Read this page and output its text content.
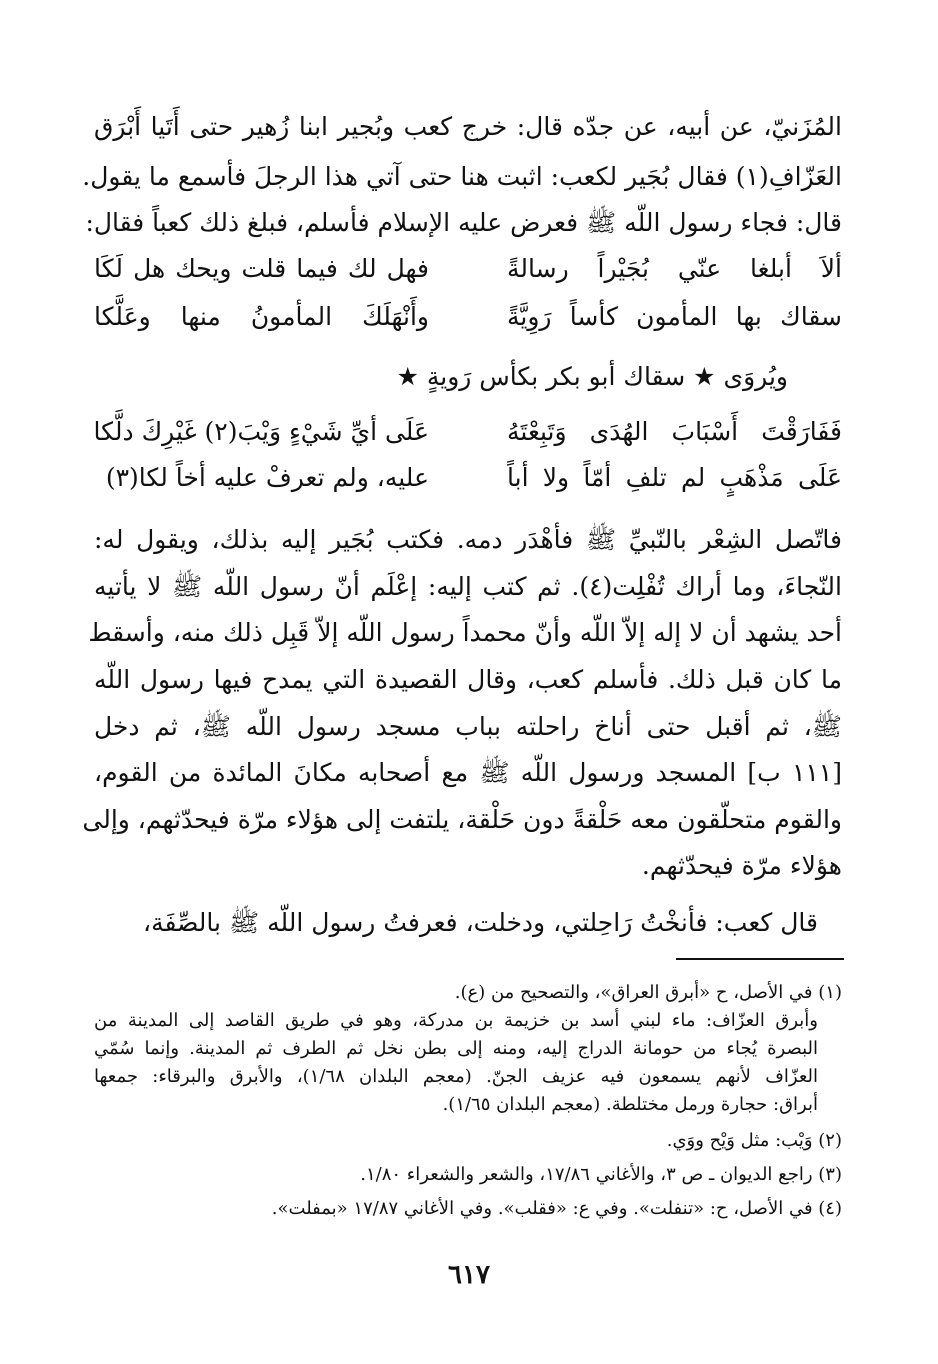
المُزَنيّ، عن أبيه، عن جدّه قال: خرج كعب وبُجير ابنا زُهير حتى أَتَيا أَبْرَق
العَزّافِ(١) فقال بُجَير لكعب: اثبت هنا حتى آتي هذا الرجلَ فأسمع ما يقول.
قال: فجاء رسول اللّه ﷺ فعرض عليه الإسلام فأسلم، فبلغ ذلك كعباً فقال:
ألاَ أبلغا عنّي بُجَيْراً رسالةً
فهل لك فيما قلت ويحك هل لَكَا
سقاك بها المأمون كأساً رَوِيَّةً
وأَنْهَلَكَ المأمونُ منها وعَلَّكا
ويُروَى ★ سقاك أبو بكر بكأس رَويةٍ ★
فَفَارَقْتَ أَسْبَابَ الهُدَى وَتَبِعْتَهُ
عَلَى أيِّ شَيْءٍ وَيْبَ(٢) غَيْرِكَ دلَّكا
عَلَى مَذْهَبٍ لم تلفِ أمّاً ولا أباً
عليه، ولم تعرفْ عليه أخاً لكا(٣)
فاتّصل الشِعْر بالنّبيِّ ﷺ فأهْدَر دمه. فكتب بُجَير إليه بذلك، ويقول له:
النّجاءَ، وما أراك تُفْلِت(٤). ثم كتب إليه: إعْلَم أنّ رسول اللّه ﷺ لا يأتيه
أحد يشهد أن لا إله إلاّ اللّه وأنّ محمداً رسول اللّه إلاّ قَبِل ذلك منه، وأسقط
ما كان قبل ذلك. فأسلم كعب، وقال القصيدة التي يمدح فيها رسول اللّه
ﷺ، ثم أقبل حتى أناخ راحلته بباب مسجد رسول اللّه ﷺ، ثم دخل
[١١١ ب] المسجد ورسول اللّه ﷺ مع أصحابه مكانَ المائدة من القوم،
والقوم متحلّقون معه حَلْقةً دون حَلْقة، يلتفت إلى هؤلاء مرّة فيحدّثهم، وإلى
هؤلاء مرّة فيحدّثهم.
قال كعب: فأنخْتُ رَاحِلتي، ودخلت، فعرفتُ رسول اللّه ﷺ بالصِّفَة،
(١) في الأصل، ح «أبرق العراق»، والتصحيح من (ع).
وأبرق العزّاف: ماء لبني أسد بن خزيمة بن مدركة، وهو في طريق القاصد إلى المدينة من
البصرة يُجاء من حومانة الدراج إليه، ومنه إلى بطن نخل ثم الطرف ثم المدينة. وإنما سُمّي
العزّاف لأنهم يسمعون فيه عزيف الجنّ. (معجم البلدان ١/٦٨)، والأبرق والبرقاء: جمعها
أبراق: حجارة ورمل مختلطة. (معجم البلدان ١/٦٥).
(٢) وَيْب: مثل وَيْح ووَي.
(٣) راجع الديوان ـ ص ٣، والأغاني ١٧/٨٦، والشعر والشعراء ١/٨٠.
(٤) في الأصل، ح: «تنفلت». وفي ع: «فقلب». وفي الأغاني ١٧/٨٧ «بمفلت».
٦١٧
